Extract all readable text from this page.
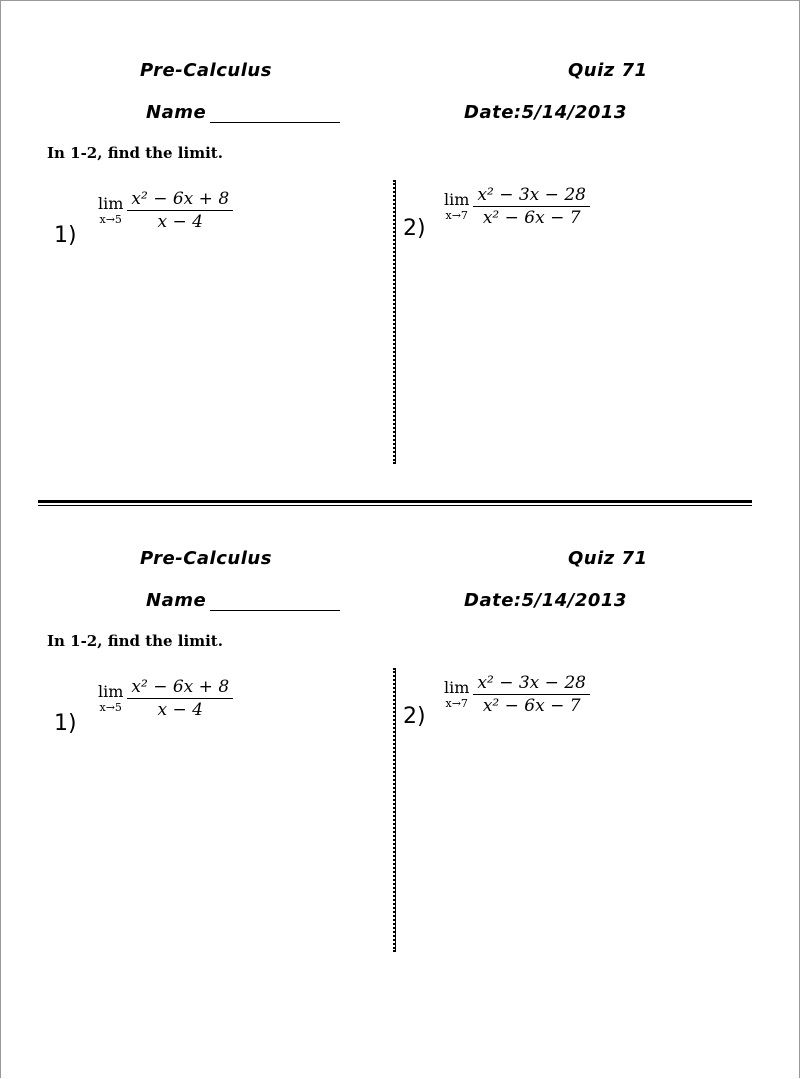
Pre-Calculus	Quiz 71
Name	Date:5/14/2013
In 1-2, find the limit.
1)
lim
$x\to 5 \frac{\text{x² − 6x + 8}}{x - 4}$	2)
lim
$x\to 7 \frac{\text{x² − 3x − 28}}{\text{x² − 6x − 7}}$
Pre-Calculus	Quiz 71
Name	Date:5/14/2013
In 1-2, find the limit.
1)
lim
$x\to 5 \frac{\text{x² − 6x + 8}}{x - 4}$	2)
lim
$x\to 7 \frac{\text{x² − 3x − 28}}{\text{x² − 6x − 7}}$
